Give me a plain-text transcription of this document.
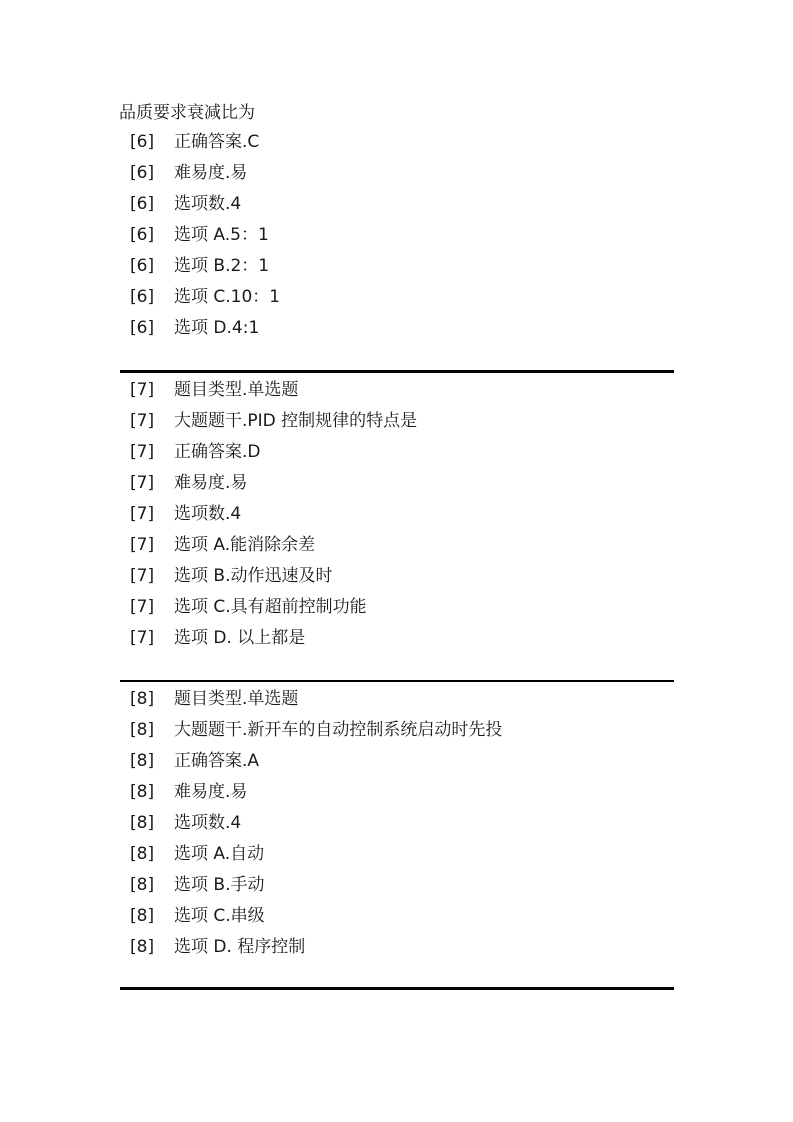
品质要求衰减比为
[6] 正确答案.C
[6] 难易度.易
[6] 选项数.4
[6] 选项 A.5：1
[6] 选项 B.2：1
[6] 选项 C.10：1
[6] 选项 D.4:1
[7] 题目类型.单选题
[7] 大题题干.PID 控制规律的特点是
[7] 正确答案.D
[7] 难易度.易
[7] 选项数.4
[7] 选项 A.能消除余差
[7] 选项 B.动作迅速及时
[7] 选项 C.具有超前控制功能
[7] 选项 D. 以上都是
[8] 题目类型.单选题
[8] 大题题干.新开车的自动控制系统启动时先投
[8] 正确答案.A
[8] 难易度.易
[8] 选项数.4
[8] 选项 A.自动
[8] 选项 B.手动
[8] 选项 C.串级
[8] 选项 D. 程序控制
